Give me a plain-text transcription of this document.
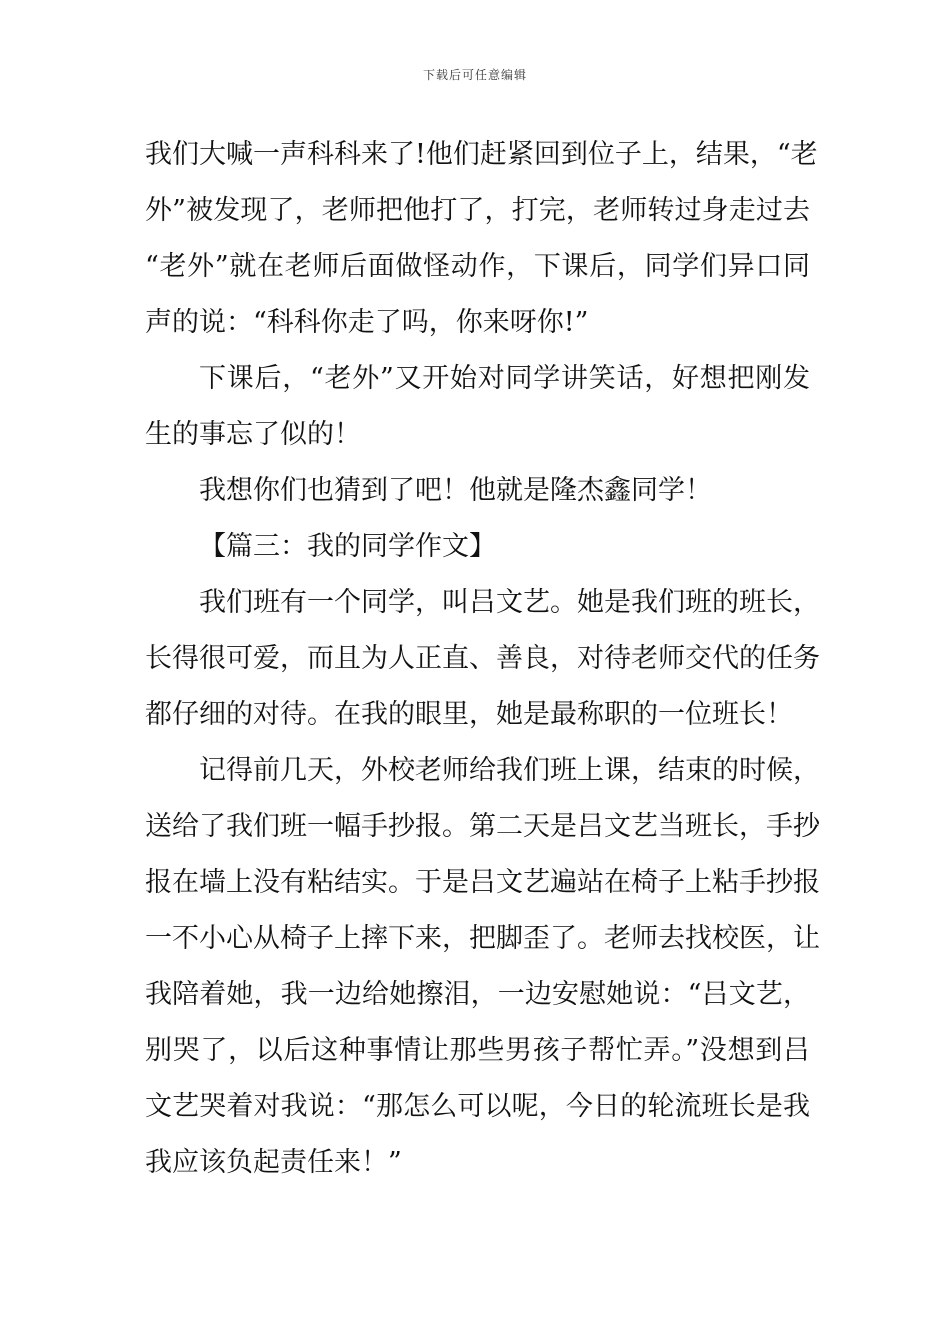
下载后可任意编辑
我们大喊一声科科来了!他们赶紧回到位子上，结果，“老
外”被发现了，老师把他打了，打完，老师转过身走过去
“老外”就在老师后面做怪动作，下课后，同学们异口同
声的说：“科科你走了吗，你来呀你!”
下课后，“老外”又开始对同学讲笑话，好想把刚发
生的事忘了似的！
我想你们也猜到了吧！他就是隆杰鑫同学！
【篇三：我的同学作文】
我们班有一个同学，叫吕文艺。她是我们班的班长，
长得很可爱，而且为人正直、善良，对待老师交代的任务
都仔细的对待。在我的眼里，她是最称职的一位班长！
记得前几天，外校老师给我们班上课，结束的时候，
送给了我们班一幅手抄报。第二天是吕文艺当班长，手抄
报在墙上没有粘结实。于是吕文艺遍站在椅子上粘手抄报
一不小心从椅子上摔下来，把脚歪了。老师去找校医，让
我陪着她，我一边给她擦泪，一边安慰她说：“吕文艺，
别哭了，以后这种事情让那些男孩子帮忙弄。”没想到吕
文艺哭着对我说：“那怎么可以呢，今日的轮流班长是我
我应该负起责任来！”
